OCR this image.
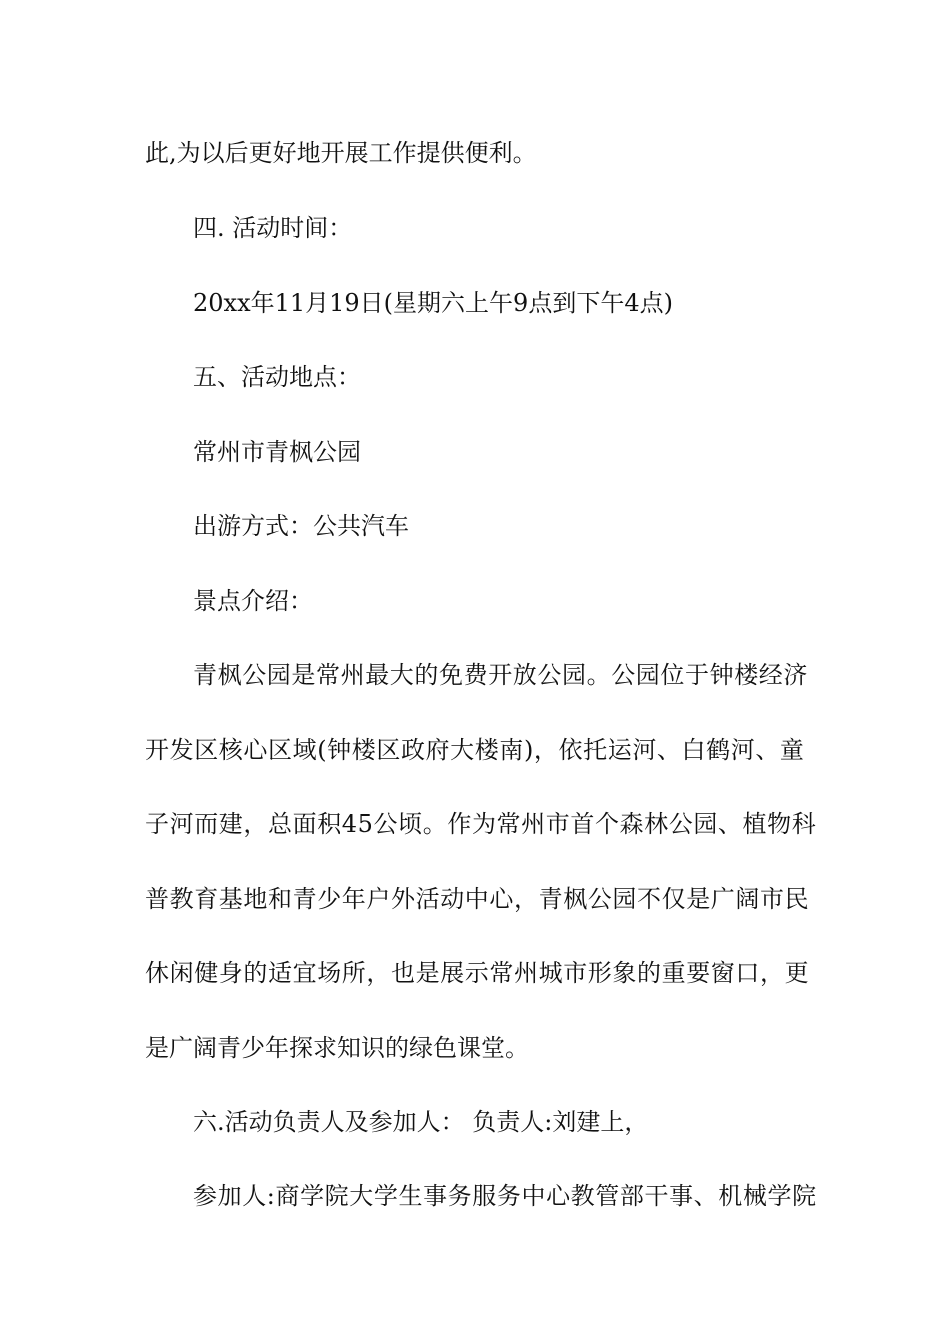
此,为以后更好地开展工作提供便利。
四. 活动时间：
20xx年11月19日(星期六上午9点到下午4点)
五、活动地点：
常州市青枫公园
出游方式：公共汽车
景点介绍：
青枫公园是常州最大的免费开放公园。公园位于钟楼经济
开发区核心区域(钟楼区政府大楼南)，依托运河、白鹤河、童
子河而建，总面积45公顷。作为常州市首个森林公园、植物科
普教育基地和青少年户外活动中心，青枫公园不仅是广阔市民
休闲健身的适宜场所，也是展示常州城市形象的重要窗口，更
是广阔青少年探求知识的绿色课堂。
六.活动负责人及参加人： 负责人:刘建上，
参加人:商学院大学生事务服务中心教管部干事、机械学院
